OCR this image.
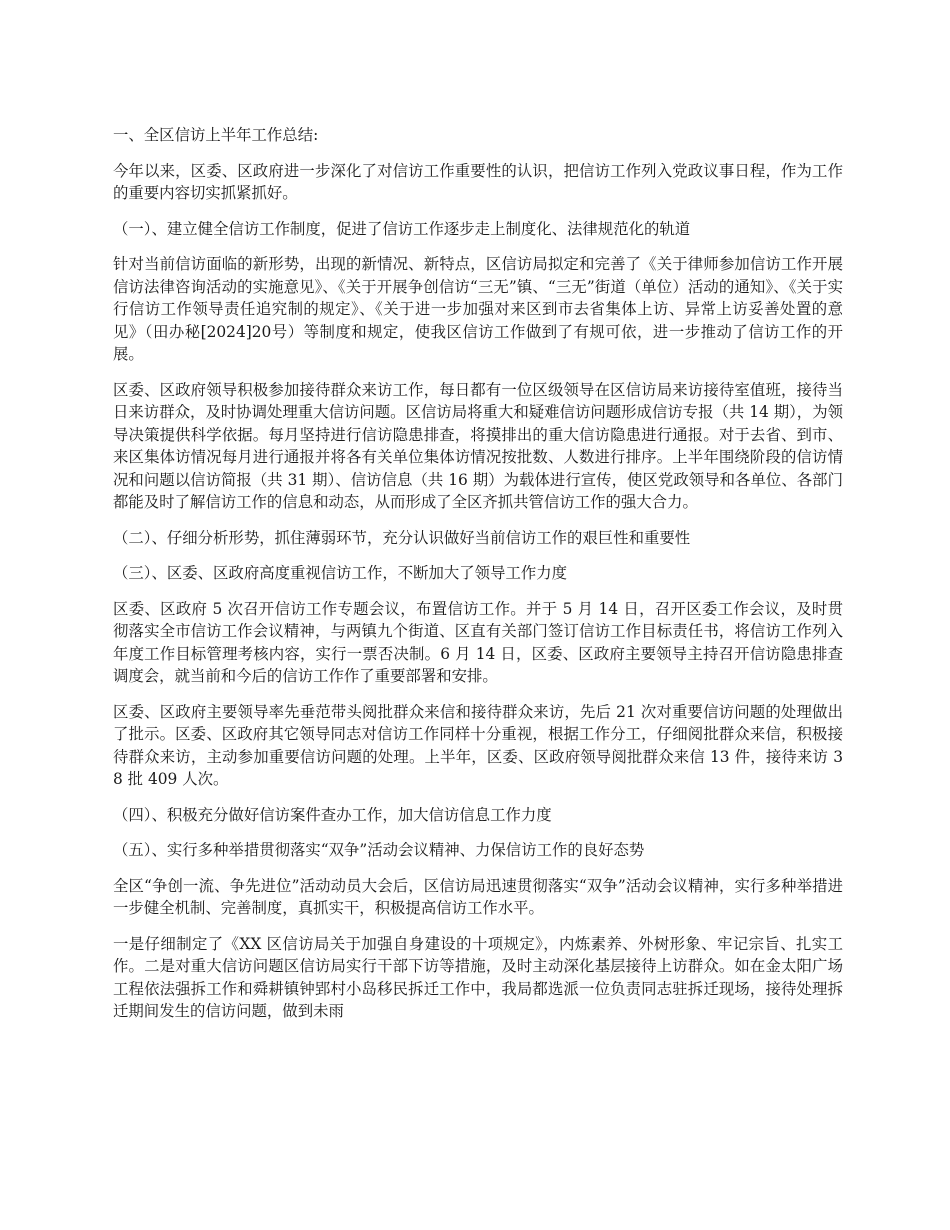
一、全区信访上半年工作总结:

今年以来，区委、区政府进一步深化了对信访工作重要性的认识，把信访工作列入党政议事日程，作为工作的重要内容切实抓紧抓好。

（一）、建立健全信访工作制度，促进了信访工作逐步走上制度化、法律规范化的轨道

针对当前信访面临的新形势，出现的新情况、新特点，区信访局拟定和完善了《关于律师参加信访工作开展信访法律咨询活动的实施意见》、《关于开展争创信访“三无”镇、“三无”街道（单位）活动的通知》、《关于实行信访工作领导责任追究制的规定》、《关于进一步加强对来区到市去省集体上访、异常上访妥善处置的意见》（田办秘[2024]20号）等制度和规定，使我区信访工作做到了有规可依，进一步推动了信访工作的开展。

区委、区政府领导积极参加接待群众来访工作，每日都有一位区级领导在区信访局来访接待室值班，接待当日来访群众，及时协调处理重大信访问题。区信访局将重大和疑难信访问题形成信访专报（共 14 期），为领导决策提供科学依据。每月坚持进行信访隐患排查，将摸排出的重大信访隐患进行通报。对于去省、到市、来区集体访情况每月进行通报并将各有关单位集体访情况按批数、人数进行排序。上半年围绕阶段的信访情况和问题以信访简报（共 31 期）、信访信息（共 16 期）为载体进行宣传，使区党政领导和各单位、各部门都能及时了解信访工作的信息和动态，从而形成了全区齐抓共管信访工作的强大合力。

（二）、仔细分析形势，抓住薄弱环节，充分认识做好当前信访工作的艰巨性和重要性

（三）、区委、区政府高度重视信访工作，不断加大了领导工作力度

区委、区政府 5 次召开信访工作专题会议，布置信访工作。并于 5 月 14 日，召开区委工作会议，及时贯彻落实全市信访工作会议精神，与两镇九个街道、区直有关部门签订信访工作目标责任书，将信访工作列入年度工作目标管理考核内容，实行一票否决制。6 月 14 日，区委、区政府主要领导主持召开信访隐患排查调度会，就当前和今后的信访工作作了重要部署和安排。

区委、区政府主要领导率先垂范带头阅批群众来信和接待群众来访，先后 21 次对重要信访问题的处理做出了批示。区委、区政府其它领导同志对信访工作同样十分重视，根据工作分工，仔细阅批群众来信，积极接待群众来访，主动参加重要信访问题的处理。上半年，区委、区政府领导阅批群众来信 13 件，接待来访 38 批 409 人次。

（四）、积极充分做好信访案件查办工作，加大信访信息工作力度

（五）、实行多种举措贯彻落实“双争”活动会议精神、力保信访工作的良好态势

全区“争创一流、争先进位”活动动员大会后，区信访局迅速贯彻落实“双争”活动会议精神，实行多种举措进一步健全机制、完善制度，真抓实干，积极提高信访工作水平。

一是仔细制定了《XX 区信访局关于加强自身建设的十项规定》，内炼素养、外树形象、牢记宗旨、扎实工作。二是对重大信访问题区信访局实行干部下访等措施，及时主动深化基层接待上访群众。如在金太阳广场工程依法强拆工作和舜耕镇钟郢村小岛移民拆迁工作中，我局都选派一位负责同志驻拆迁现场，接待处理拆迁期间发生的信访问题，做到未雨
